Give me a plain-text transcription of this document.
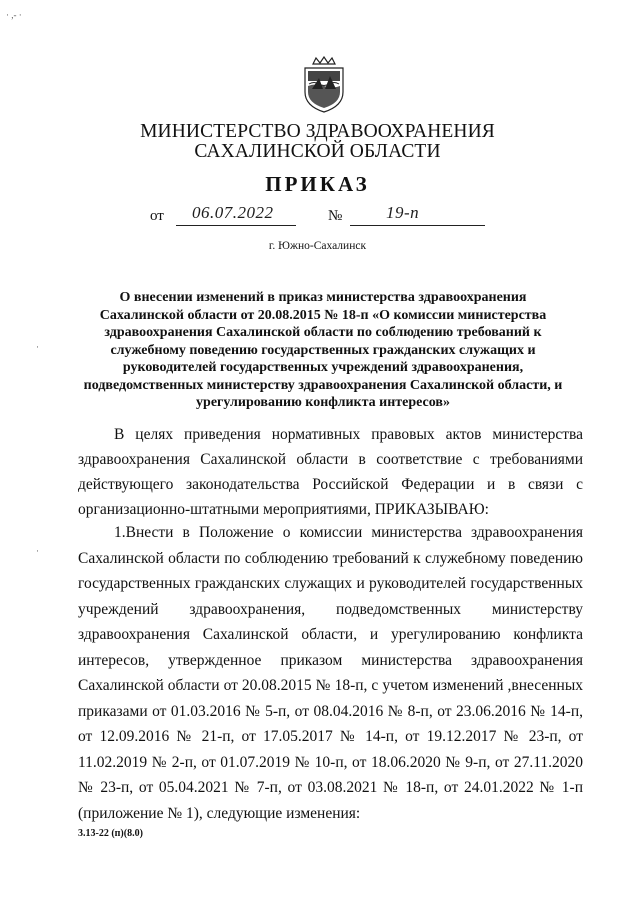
· ,‑ ·
·
·
МИНИСТЕРСТВО ЗДРАВООХРАНЕНИЯ
САХАЛИНСКОЙ ОБЛАСТИ
ПРИКАЗ
от 06.07.2022	№	19-п
г. Южно-Сахалинск
О внесении изменений в приказ министерства здравоохранения Сахалинской области от 20.08.2015 № 18-п «О комиссии министерства здравоохранения Сахалинской области по соблюдению требований к служебному поведению государственных гражданских служащих и руководителей государственных учреждений здравоохранения, подведомственных министерству здравоохранения Сахалинской области, и урегулированию конфликта интересов»
В целях приведения нормативных правовых актов министерства здравоохранения Сахалинской области в соответствие с требованиями действующего законодательства Российской Федерации и в связи с организационно-штатными мероприятиями, ПРИКАЗЫВАЮ:
1.Внести в Положение о комиссии министерства здравоохранения Сахалинской области по соблюдению требований к служебному поведению государственных гражданских служащих и руководителей государственных учреждений здравоохранения, подведомственных министерству здравоохранения Сахалинской области, и урегулированию конфликта интересов, утвержденное приказом министерства здравоохранения Сахалинской области от 20.08.2015 № 18-п, с учетом изменений ,внесенных приказами от 01.03.2016 № 5-п, от 08.04.2016 № 8-п, от 23.06.2016 № 14-п, от 12.09.2016 № 21-п, от 17.05.2017 № 14-п, от 19.12.2017 № 23-п, от 11.02.2019 № 2-п, от 01.07.2019 № 10-п, от 18.06.2020 № 9-п, от 27.11.2020 № 23-п, от 05.04.2021 № 7-п, от 03.08.2021 № 18-п, от 24.01.2022 № 1-п (приложение № 1), следующие изменения:
3.13-22 (п)(8.0)
